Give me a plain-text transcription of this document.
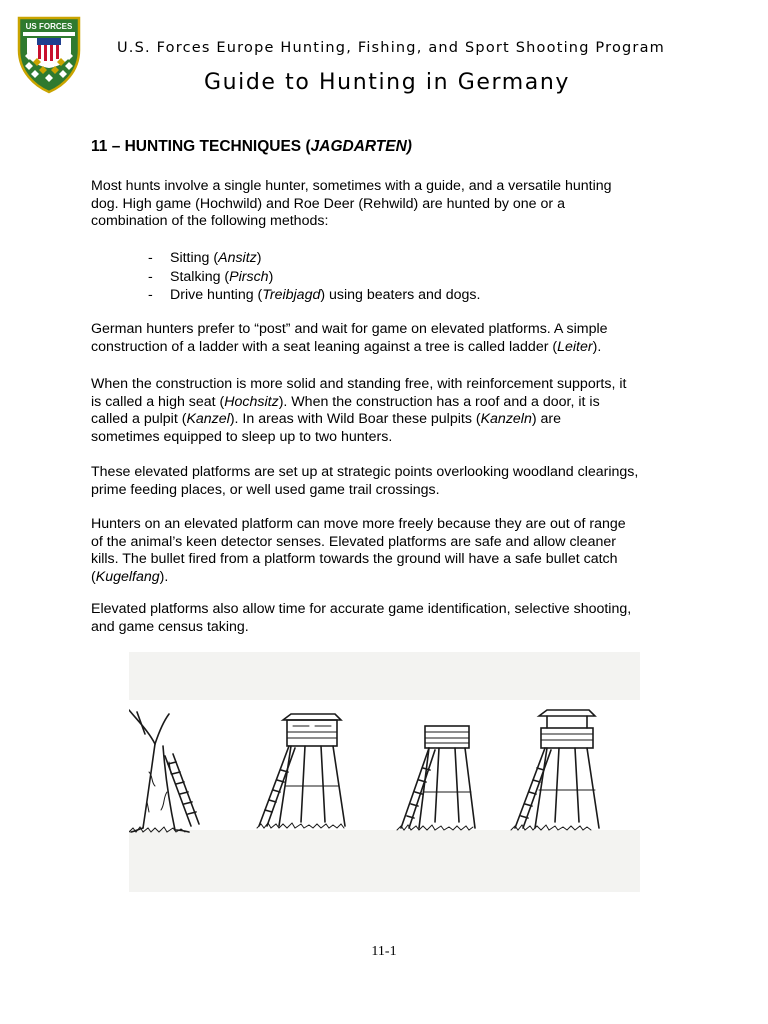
US FORCES
U.S. Forces Europe Hunting, Fishing, and Sport Shooting Program
Guide to Hunting in Germany
11 – HUNTING TECHNIQUES (JAGDARTEN)
Most hunts involve a single hunter, sometimes with a guide, and a versatile hunting
dog. High game (Hochwild) and Roe Deer (Rehwild) are hunted by one or a
combination of the following methods:
- Sitting (Ansitz)
- Stalking (Pirsch)
- Drive hunting (Treibjagd) using beaters and dogs.
German hunters prefer to “post” and wait for game on elevated platforms. A simple
construction of a ladder with a seat leaning against a tree is called ladder (Leiter).
When the construction is more solid and standing free, with reinforcement supports, it
is called a high seat (Hochsitz). When the construction has a roof and a door, it is
called a pulpit (Kanzel). In areas with Wild Boar these pulpits (Kanzeln) are
sometimes equipped to sleep up to two hunters.
These elevated platforms are set up at strategic points overlooking woodland clearings,
prime feeding places, or well used game trail crossings.
Hunters on an elevated platform can move more freely because they are out of range
of the animal’s keen detector senses. Elevated platforms are safe and allow cleaner
kills. The bullet fired from a platform towards the ground will have a safe bullet catch
(Kugelfang).
Elevated platforms also allow time for accurate game identification, selective shooting,
and game census taking.
11-1
